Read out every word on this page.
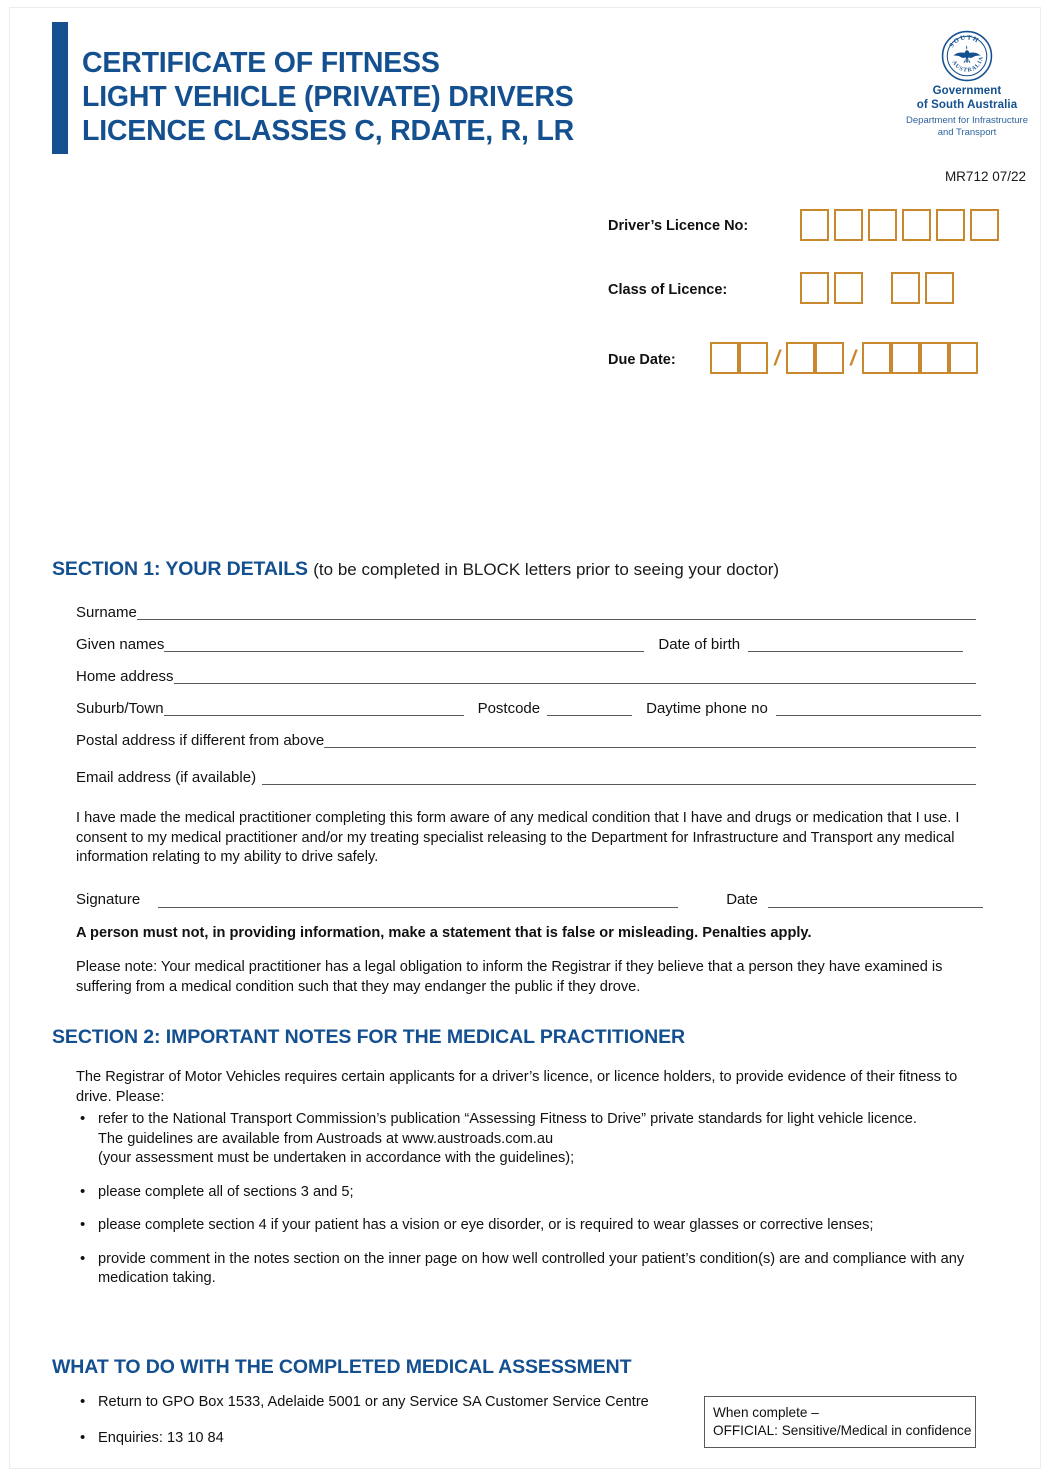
CERTIFICATE OF FITNESS
LIGHT VEHICLE (PRIVATE) DRIVERS
LICENCE CLASSES C, RDATE, R, LR
SOUTH
AUSTRALIA
Government
of South Australia
Department for Infrastructure
and Transport
MR712 07/22
Driver’s Licence No:
Class of Licence:
Due Date:	/	/
SECTION 1: YOUR DETAILS (to be completed in BLOCK letters prior to seeing your doctor)
Surname
Given names	Date of birth
Home address
Suburb/Town	Postcode	Daytime phone no
Postal address if different from above
Email address (if available)
I have made the medical practitioner completing this form aware of any medical condition that I have and drugs or medication that I use. I consent to my medical practitioner and/or my treating specialist releasing to the Department for Infrastructure and Transport any medical information relating to my ability to drive safely.
Signature	Date
A person must not, in providing information, make a statement that is false or misleading. Penalties apply.
Please note: Your medical practitioner has a legal obligation to inform the Registrar if they believe that a person they have examined is suffering from a medical condition such that they may endanger the public if they drove.
SECTION 2: IMPORTANT NOTES FOR THE MEDICAL PRACTITIONER
The Registrar of Motor Vehicles requires certain applicants for a driver’s licence, or licence holders, to provide evidence of their fitness to drive. Please:
• refer to the National Transport Commission’s publication “Assessing Fitness to Drive” private standards for light vehicle licence.
The guidelines are available from Austroads at www.austroads.com.au
(your assessment must be undertaken in accordance with the guidelines);
• please complete all of sections 3 and 5;
• please complete section 4 if your patient has a vision or eye disorder, or is required to wear glasses or corrective lenses;
• provide comment in the notes section on the inner page on how well controlled your patient’s condition(s) are and compliance with any medication taking.
WHAT TO DO WITH THE COMPLETED MEDICAL ASSESSMENT
• Return to GPO Box 1533, Adelaide 5001 or any Service SA Customer Service Centre
• Enquiries: 13 10 84
When complete –
OFFICIAL: Sensitive/Medical in confidence
